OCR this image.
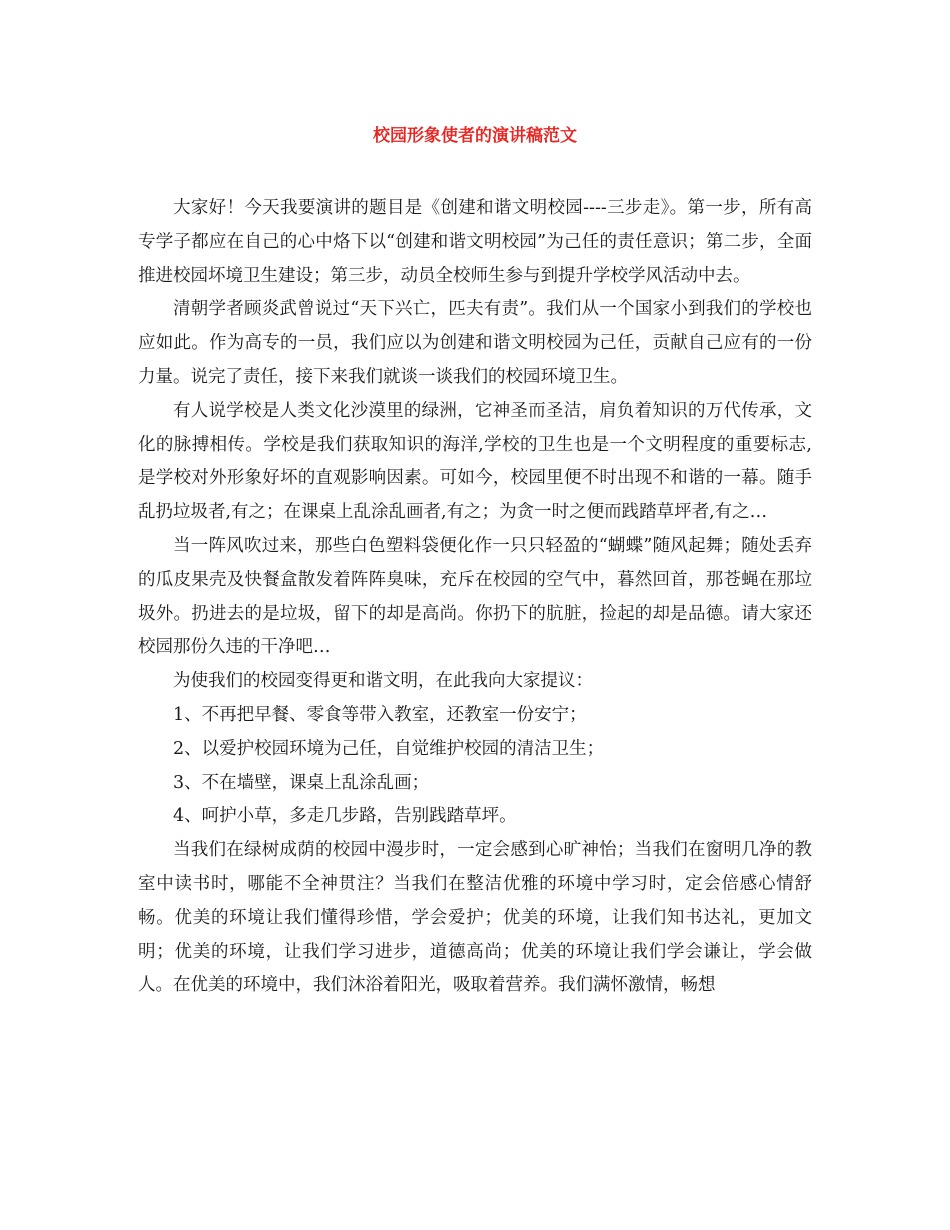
校园形象使者的演讲稿范文

大家好！今天我要演讲的题目是《创建和谐文明校园----三步走》。第一步，所有高专学子都应在自己的心中烙下以“创建和谐文明校园”为己任的责任意识；第二步，全面推进校园坏境卫生建设；第三步，动员全校师生参与到提升学校学风活动中去。

清朝学者顾炎武曾说过“天下兴亡，匹夫有责”。我们从一个国家小到我们的学校也应如此。作为高专的一员，我们应以为创建和谐文明校园为己任，贡献自己应有的一份力量。说完了责任，接下来我们就谈一谈我们的校园环境卫生。

有人说学校是人类文化沙漠里的绿洲，它神圣而圣洁，肩负着知识的万代传承，文化的脉搏相传。学校是我们获取知识的海洋,学校的卫生也是一个文明程度的重要标志,是学校对外形象好坏的直观影响因素。可如今，校园里便不时出现不和谐的一幕。随手乱扔垃圾者,有之；在课桌上乱涂乱画者,有之；为贪一时之便而践踏草坪者,有之…

当一阵风吹过来，那些白色塑料袋便化作一只只轻盈的“蝴蝶”随风起舞；随处丢弃的瓜皮果壳及快餐盒散发着阵阵臭味，充斥在校园的空气中，暮然回首，那苍蝇在那垃圾外。扔进去的是垃圾，留下的却是高尚。你扔下的肮脏，捡起的却是品德。请大家还校园那份久违的干净吧…

为使我们的校园变得更和谐文明，在此我向大家提议：

1、不再把早餐、零食等带入教室，还教室一份安宁；

2、以爱护校园环境为己任，自觉维护校园的清洁卫生；

3、不在墙壁，课桌上乱涂乱画；

4、呵护小草，多走几步路，告别践踏草坪。

当我们在绿树成荫的校园中漫步时，一定会感到心旷神怡；当我们在窗明几净的教室中读书时，哪能不全神贯注？当我们在整洁优雅的环境中学习时，定会倍感心情舒畅。优美的环境让我们懂得珍惜，学会爱护；优美的环境，让我们知书达礼，更加文明；优美的环境，让我们学习进步，道德高尚；优美的环境让我们学会谦让，学会做人。在优美的环境中，我们沐浴着阳光，吸取着营养。我们满怀激情，畅想
